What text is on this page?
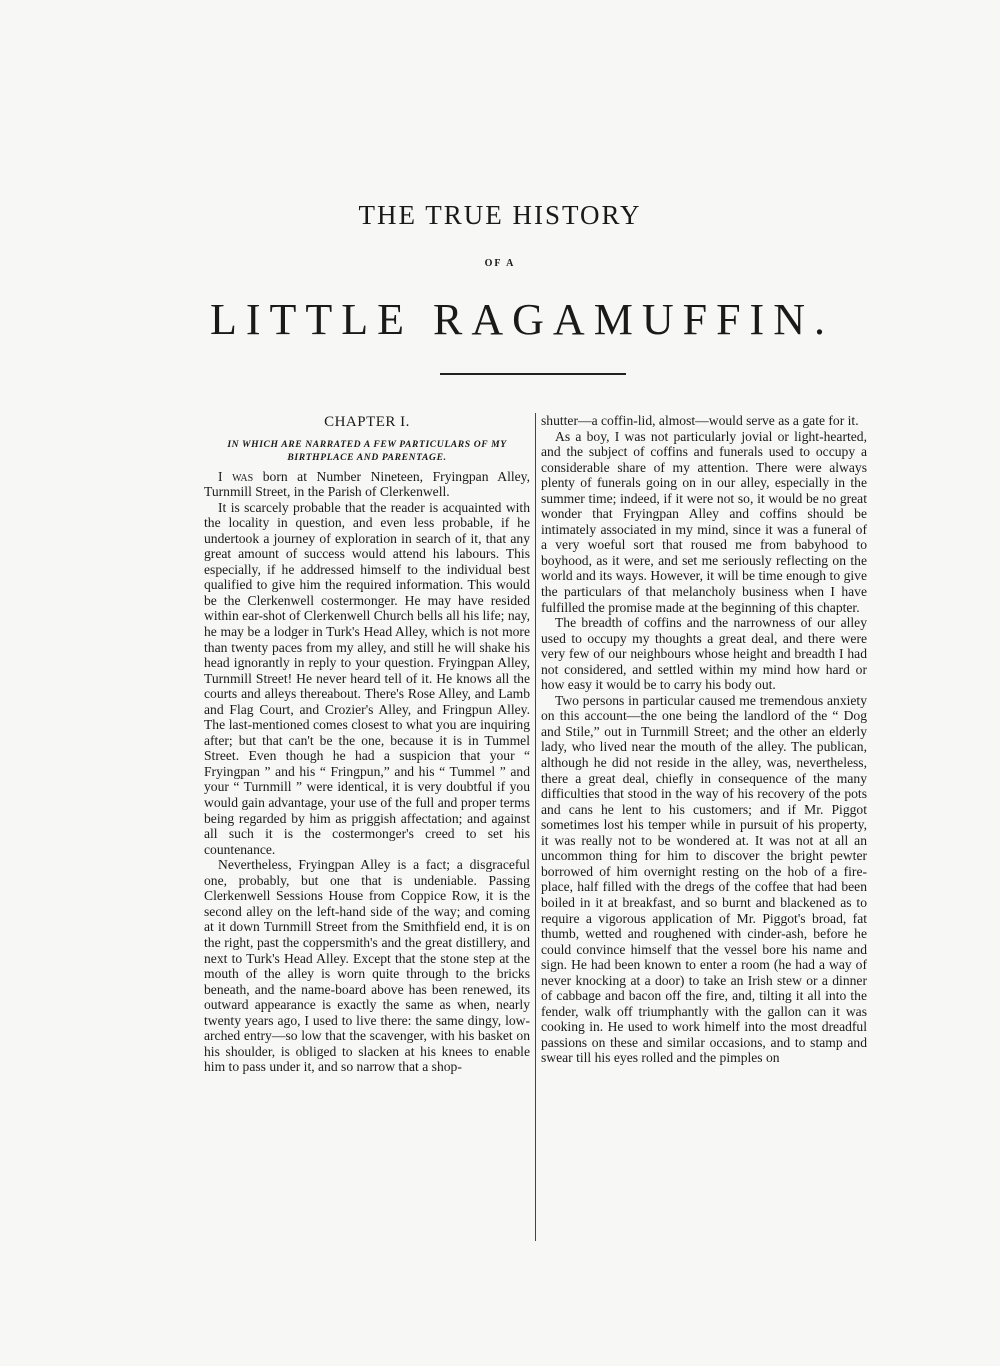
THE TRUE HISTORY
OF A
LITTLE RAGAMUFFIN.
CHAPTER I.
IN WHICH ARE NARRATED A FEW PARTICULARS OF MY BIRTHPLACE AND PARENTAGE.

I was born at Number Nineteen, Fryingpan Alley, Turnmill Street, in the Parish of Clerkenwell.

It is scarcely probable that the reader is acquainted with the locality in question, and even less probable, if he undertook a journey of exploration in search of it, that any great amount of success would attend his labours. This especially, if he addressed himself to the individual best qualified to give him the required information. This would be the Clerkenwell costermonger. He may have resided within ear-shot of Clerkenwell Church bells all his life; nay, he may be a lodger in Turk's Head Alley, which is not more than twenty paces from my alley, and still he will shake his head ignorantly in reply to your question. Fryingpan Alley, Turnmill Street! He never heard tell of it. He knows all the courts and alleys thereabout. There's Rose Alley, and Lamb and Flag Court, and Crozier's Alley, and Fringpun Alley. The last-mentioned comes closest to what you are inquiring after; but that can't be the one, because it is in Tummel Street. Even though he had a suspicion that your “ Fryingpan ” and his “ Fringpun,” and his “ Tummel ” and your “ Turnmill ” were identical, it is very doubtful if you would gain advantage, your use of the full and proper terms being regarded by him as priggish affectation; and against all such it is the costermonger's creed to set his countenance.

Nevertheless, Fryingpan Alley is a fact; a disgraceful one, probably, but one that is undeniable. Passing Clerkenwell Sessions House from Coppice Row, it is the second alley on the left-hand side of the way; and coming at it down Turnmill Street from the Smithfield end, it is on the right, past the coppersmith's and the great distillery, and next to Turk's Head Alley. Except that the stone step at the mouth of the alley is worn quite through to the bricks beneath, and the name-board above has been renewed, its outward appearance is exactly the same as when, nearly twenty years ago, I used to live there: the same dingy, low-arched entry—so low that the scavenger, with his basket on his shoulder, is obliged to slacken at his knees to enable him to pass under it, and so narrow that a shop-

shutter—a coffin-lid, almost—would serve as a gate for it.

As a boy, I was not particularly jovial or light-hearted, and the subject of coffins and funerals used to occupy a considerable share of my attention. There were always plenty of funerals going on in our alley, especially in the summer time; indeed, if it were not so, it would be no great wonder that Fryingpan Alley and coffins should be intimately associated in my mind, since it was a funeral of a very woeful sort that roused me from babyhood to boyhood, as it were, and set me seriously reflecting on the world and its ways. However, it will be time enough to give the particulars of that melancholy business when I have fulfilled the promise made at the beginning of this chapter.

The breadth of coffins and the narrowness of our alley used to occupy my thoughts a great deal, and there were very few of our neighbours whose height and breadth I had not considered, and settled within my mind how hard or how easy it would be to carry his body out.

Two persons in particular caused me tremendous anxiety on this account—the one being the landlord of the “ Dog and Stile,” out in Turnmill Street; and the other an elderly lady, who lived near the mouth of the alley. The publican, although he did not reside in the alley, was, nevertheless, there a great deal, chiefly in consequence of the many difficulties that stood in the way of his recovery of the pots and cans he lent to his customers; and if Mr. Piggot sometimes lost his temper while in pursuit of his property, it was really not to be wondered at. It was not at all an uncommon thing for him to discover the bright pewter borrowed of him overnight resting on the hob of a fire-place, half filled with the dregs of the coffee that had been boiled in it at breakfast, and so burnt and blackened as to require a vigorous application of Mr. Piggot's broad, fat thumb, wetted and roughened with cinder-ash, before he could convince himself that the vessel bore his name and sign. He had been known to enter a room (he had a way of never knocking at a door) to take an Irish stew or a dinner of cabbage and bacon off the fire, and, tilting it all into the fender, walk off triumphantly with the gallon can it was cooking in. He used to work himelf into the most dreadful passions on these and similar occasions, and to stamp and swear till his eyes rolled and the pimples on
